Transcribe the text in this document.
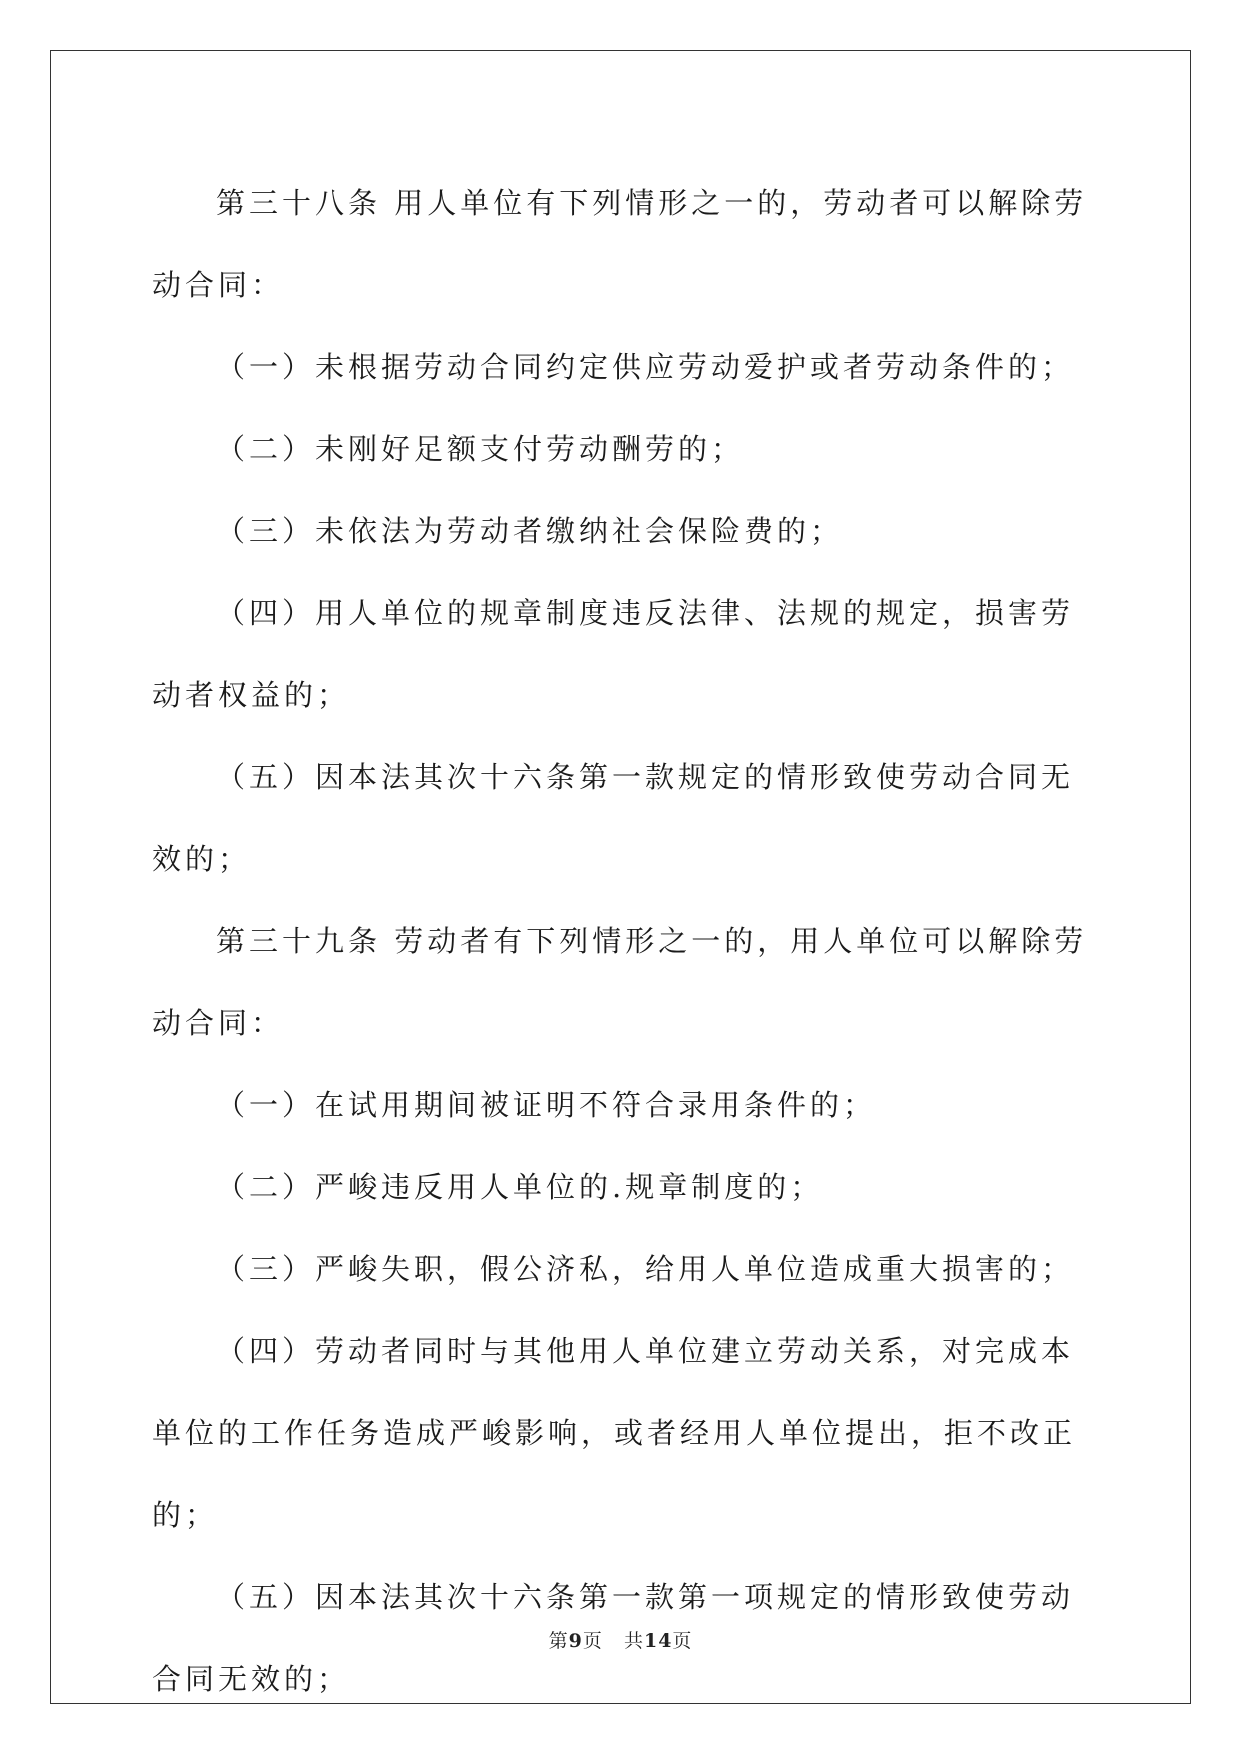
第三十八条 用人单位有下列情形之一的，劳动者可以解除劳动合同：

（一）未根据劳动合同约定供应劳动爱护或者劳动条件的；

（二）未刚好足额支付劳动酬劳的；

（三）未依法为劳动者缴纳社会保险费的；

（四）用人单位的规章制度违反法律、法规的规定，损害劳动者权益的；

（五）因本法其次十六条第一款规定的情形致使劳动合同无效的；

第三十九条 劳动者有下列情形之一的，用人单位可以解除劳动合同：

（一）在试用期间被证明不符合录用条件的；

（二）严峻违反用人单位的.规章制度的；

（三）严峻失职，假公济私，给用人单位造成重大损害的；

（四）劳动者同时与其他用人单位建立劳动关系，对完成本单位的工作任务造成严峻影响，或者经用人单位提出，拒不改正的；

（五）因本法其次十六条第一款第一项规定的情形致使劳动合同无效的；

第9页 共14页
